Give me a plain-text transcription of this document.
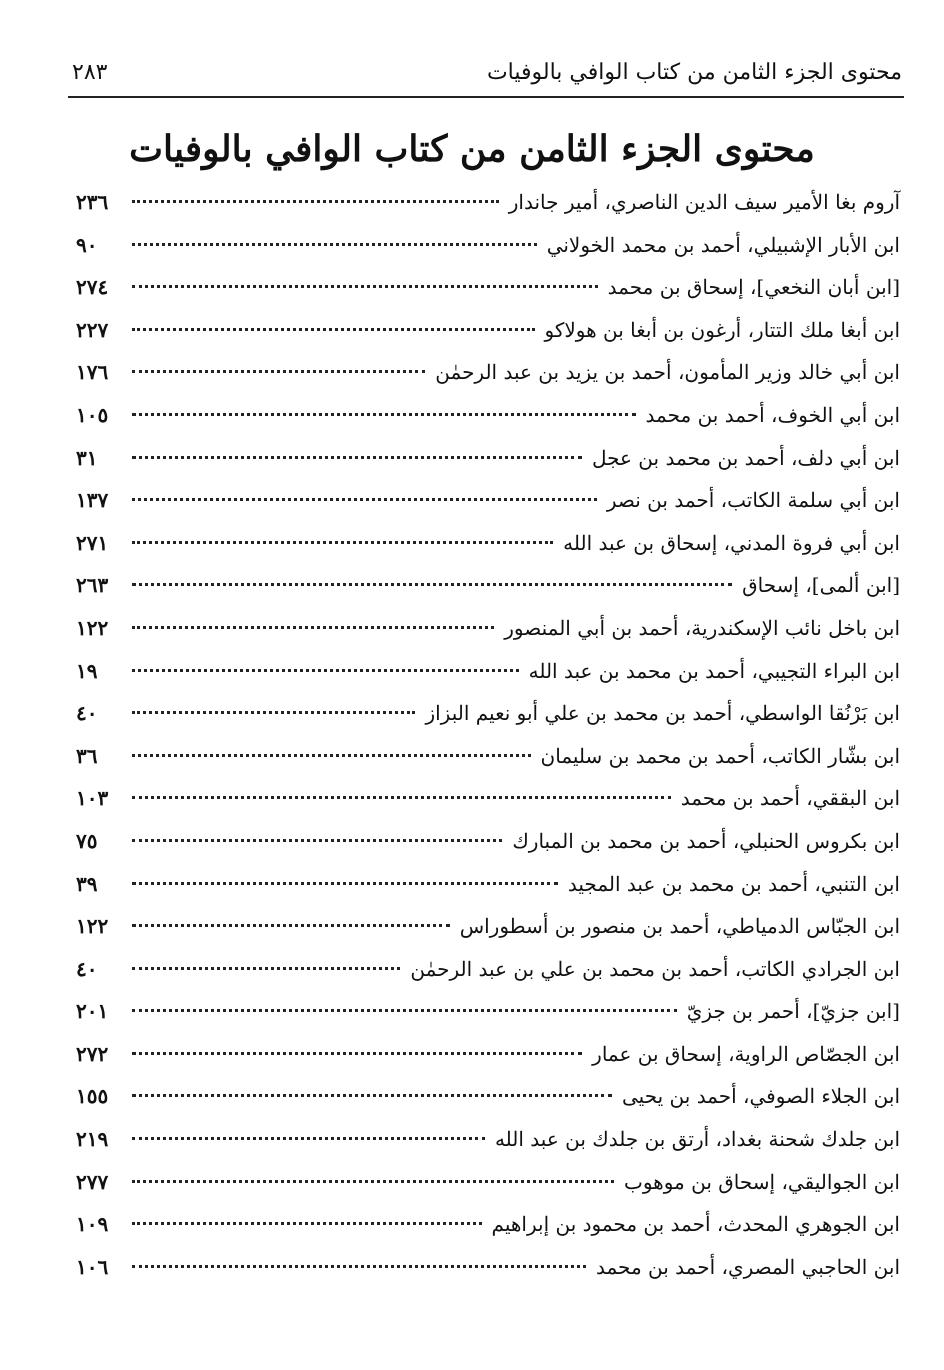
محتوى الجزء الثامن من كتاب الوافي بالوفيات
٢٨٣
محتوى الجزء الثامن من كتاب الوافي بالوفيات
آروم بغا الأمير سيف الدين الناصري، أمير جاندار
٢٣٦
ابن الأبار الإشبيلي، أحمد بن محمد الخولاني
٩٠
[ابن أبان النخعي]، إسحاق بن محمد
٢٧٤
ابن أبغا ملك التتار، أرغون بن أبغا بن هولاكو
٢٢٧
ابن أبي خالد وزير المأمون، أحمد بن يزيد بن عبد الرحمٰن
١٧٦
ابن أبي الخوف، أحمد بن محمد
١٠٥
ابن أبي دلف، أحمد بن محمد بن عجل
٣١
ابن أبي سلمة الكاتب، أحمد بن نصر
١٣٧
ابن أبي فروة المدني، إسحاق بن عبد الله
٢٧١
[ابن ألمى]، إسحاق
٢٦٣
ابن باخل نائب الإسكندرية، أحمد بن أبي المنصور
١٢٢
ابن البراء التجيبي، أحمد بن محمد بن عبد الله
١٩
ابن بَرْنُقا الواسطي، أحمد بن محمد بن علي أبو نعيم البزاز
٤٠
ابن بشّار الكاتب، أحمد بن محمد بن سليمان
٣٦
ابن البققي، أحمد بن محمد
١٠٣
ابن بكروس الحنبلي، أحمد بن محمد بن المبارك
٧٥
ابن التنبي، أحمد بن محمد بن عبد المجيد
٣٩
ابن الجبّاس الدمياطي، أحمد بن منصور بن أسطوراس
١٢٢
ابن الجرادي الكاتب، أحمد بن محمد بن علي بن عبد الرحمٰن
٤٠
[ابن جزيّ]، أحمر بن جزيّ
٢٠١
ابن الجصّاص الراوية، إسحاق بن عمار
٢٧٢
ابن الجلاء الصوفي، أحمد بن يحيى
١٥٥
ابن جلدك شحنة بغداد، أرتق بن جلدك بن عبد الله
٢١٩
ابن الجواليقي، إسحاق بن موهوب
٢٧٧
ابن الجوهري المحدث، أحمد بن محمود بن إبراهيم
١٠٩
ابن الحاجبي المصري، أحمد بن محمد
١٠٦
